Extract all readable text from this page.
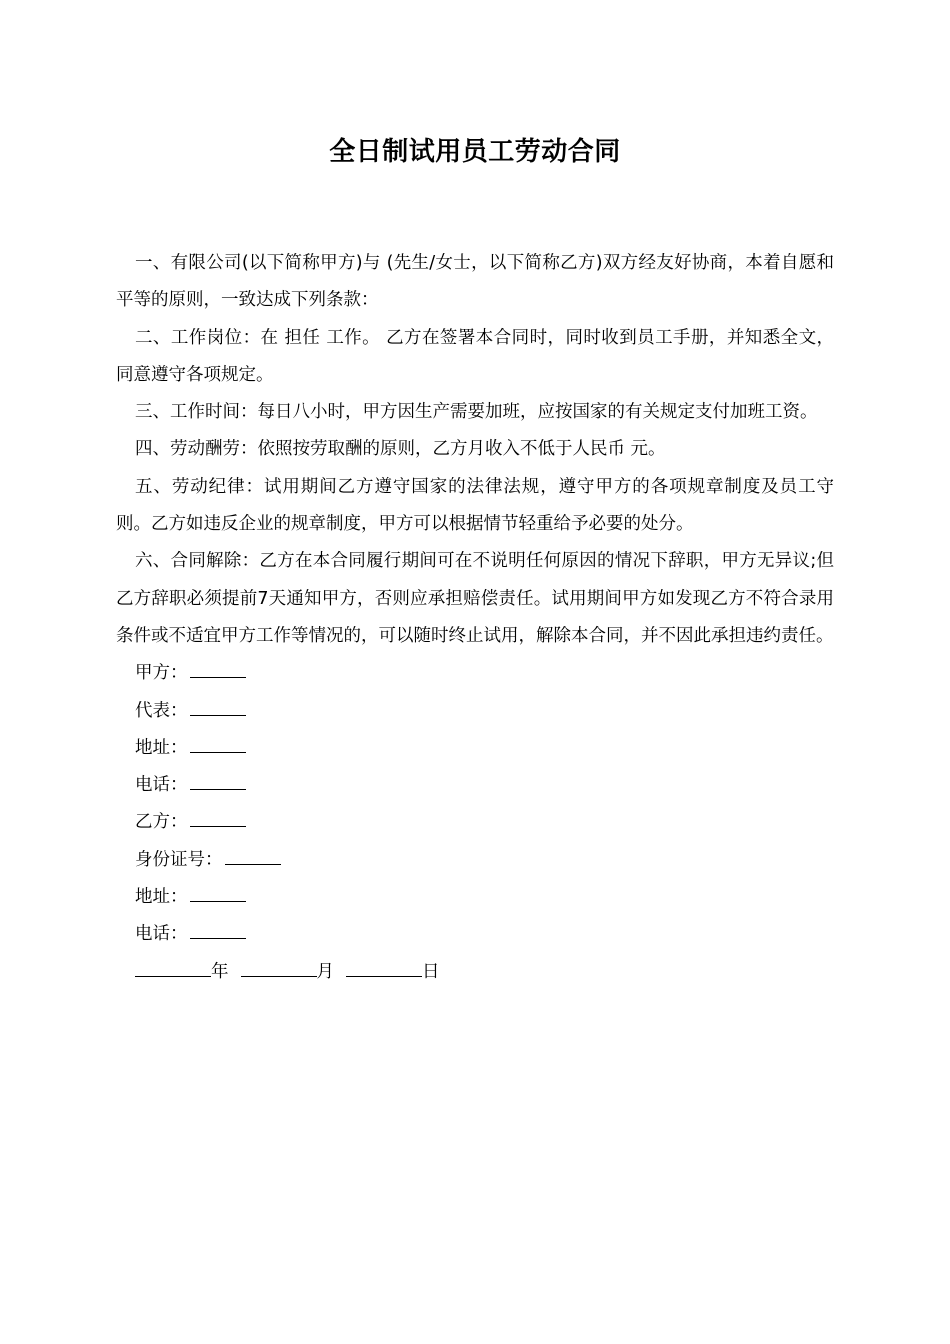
全日制试用员工劳动合同

一、有限公司(以下简称甲方)与 (先生/女士，以下简称乙方)双方经友好协商，本着自愿和平等的原则，一致达成下列条款：

二、工作岗位：在 担任 工作。 乙方在签署本合同时，同时收到员工手册，并知悉全文，同意遵守各项规定。

三、工作时间：每日八小时，甲方因生产需要加班，应按国家的有关规定支付加班工资。

四、劳动酬劳：依照按劳取酬的原则，乙方月收入不低于人民币 元。

五、劳动纪律：试用期间乙方遵守国家的法律法规，遵守甲方的各项规章制度及员工守则。乙方如违反企业的规章制度，甲方可以根据情节轻重给予必要的处分。

六、合同解除：乙方在本合同履行期间可在不说明任何原因的情况下辞职，甲方无异议;但乙方辞职必须提前7天通知甲方，否则应承担赔偿责任。试用期间甲方如发现乙方不符合录用条件或不适宜甲方工作等情况的，可以随时终止试用，解除本合同，并不因此承担违约责任。

甲方：

代表：

地址：

电话：

乙方：

身份证号：

地址：

电话：

年	月	日
